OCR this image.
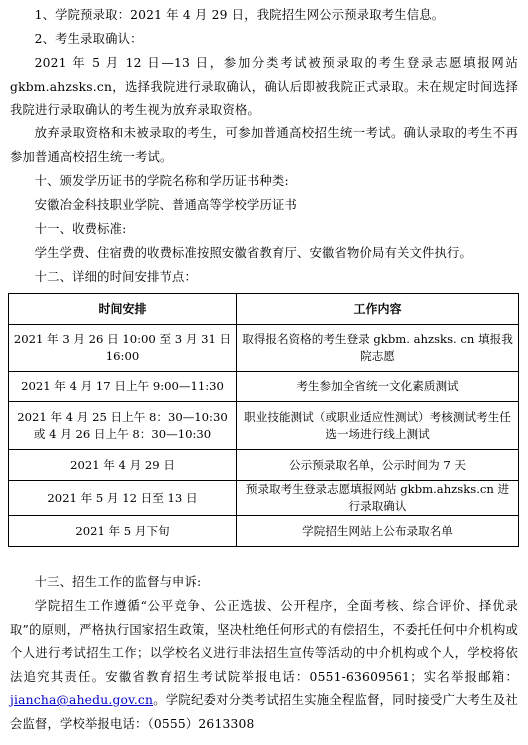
1、学院预录取：2021 年 4 月 29 日，我院招生网公示预录取考生信息。
2、考生录取确认：
2021 年 5 月 12 日—13 日，参加分类考试被预录取的考生登录志愿填报网站 gkbm.ahzsks.cn，选择我院进行录取确认，确认后即被我院正式录取。未在规定时间选择我院进行录取确认的考生视为放弃录取资格。
放弃录取资格和未被录取的考生，可参加普通高校招生统一考试。确认录取的考生不再参加普通高校招生统一考试。
十、颁发学历证书的学院名称和学历证书种类:
安徽冶金科技职业学院、普通高等学校学历证书
十一、收费标准:
学生学费、住宿费的收费标准按照安徽省教育厅、安徽省物价局有关文件执行。
十二、详细的时间安排节点：
时间安排	工作内容
2021 年 3 月 26 日 10:00 至 3 月 31 日 16:00	取得报名资格的考生登录 gkbm. ahzsks. cn 填报我院志愿
2021 年 4 月 17 日上午 9:00—11:30	考生参加全省统一文化素质测试
2021 年 4 月 25 日上午 8：30—10:30 或 4 月 26 日上午 8：30—10:30	职业技能测试（或职业适应性测试）考核测试考生任选一场进行线上测试
2021 年 4 月 29 日	公示预录取名单，公示时间为 7 天
2021 年 5 月 12 日至 13 日	预录取考生登录志愿填报网站 gkbm.ahzsks.cn 进行录取确认
2021 年 5 月下旬	学院招生网站上公布录取名单
十三、招生工作的监督与申诉:
学院招生工作遵循“公平竞争、公正选拔、公开程序，全面考核、综合评价、择优录取”的原则，严格执行国家招生政策，坚决杜绝任何形式的有偿招生，不委托任何中介机构或个人进行考试招生工作；以学校名义进行非法招生宣传等活动的中介机构或个人，学校将依法追究其责任。安徽省教育招生考试院举报电话：0551-63609561；实名举报邮箱：jiancha@ahedu.gov.cn。学院纪委对分类考试招生实施全程监督，同时接受广大考生及社会监督，学校举报电话：（0555）2613308
